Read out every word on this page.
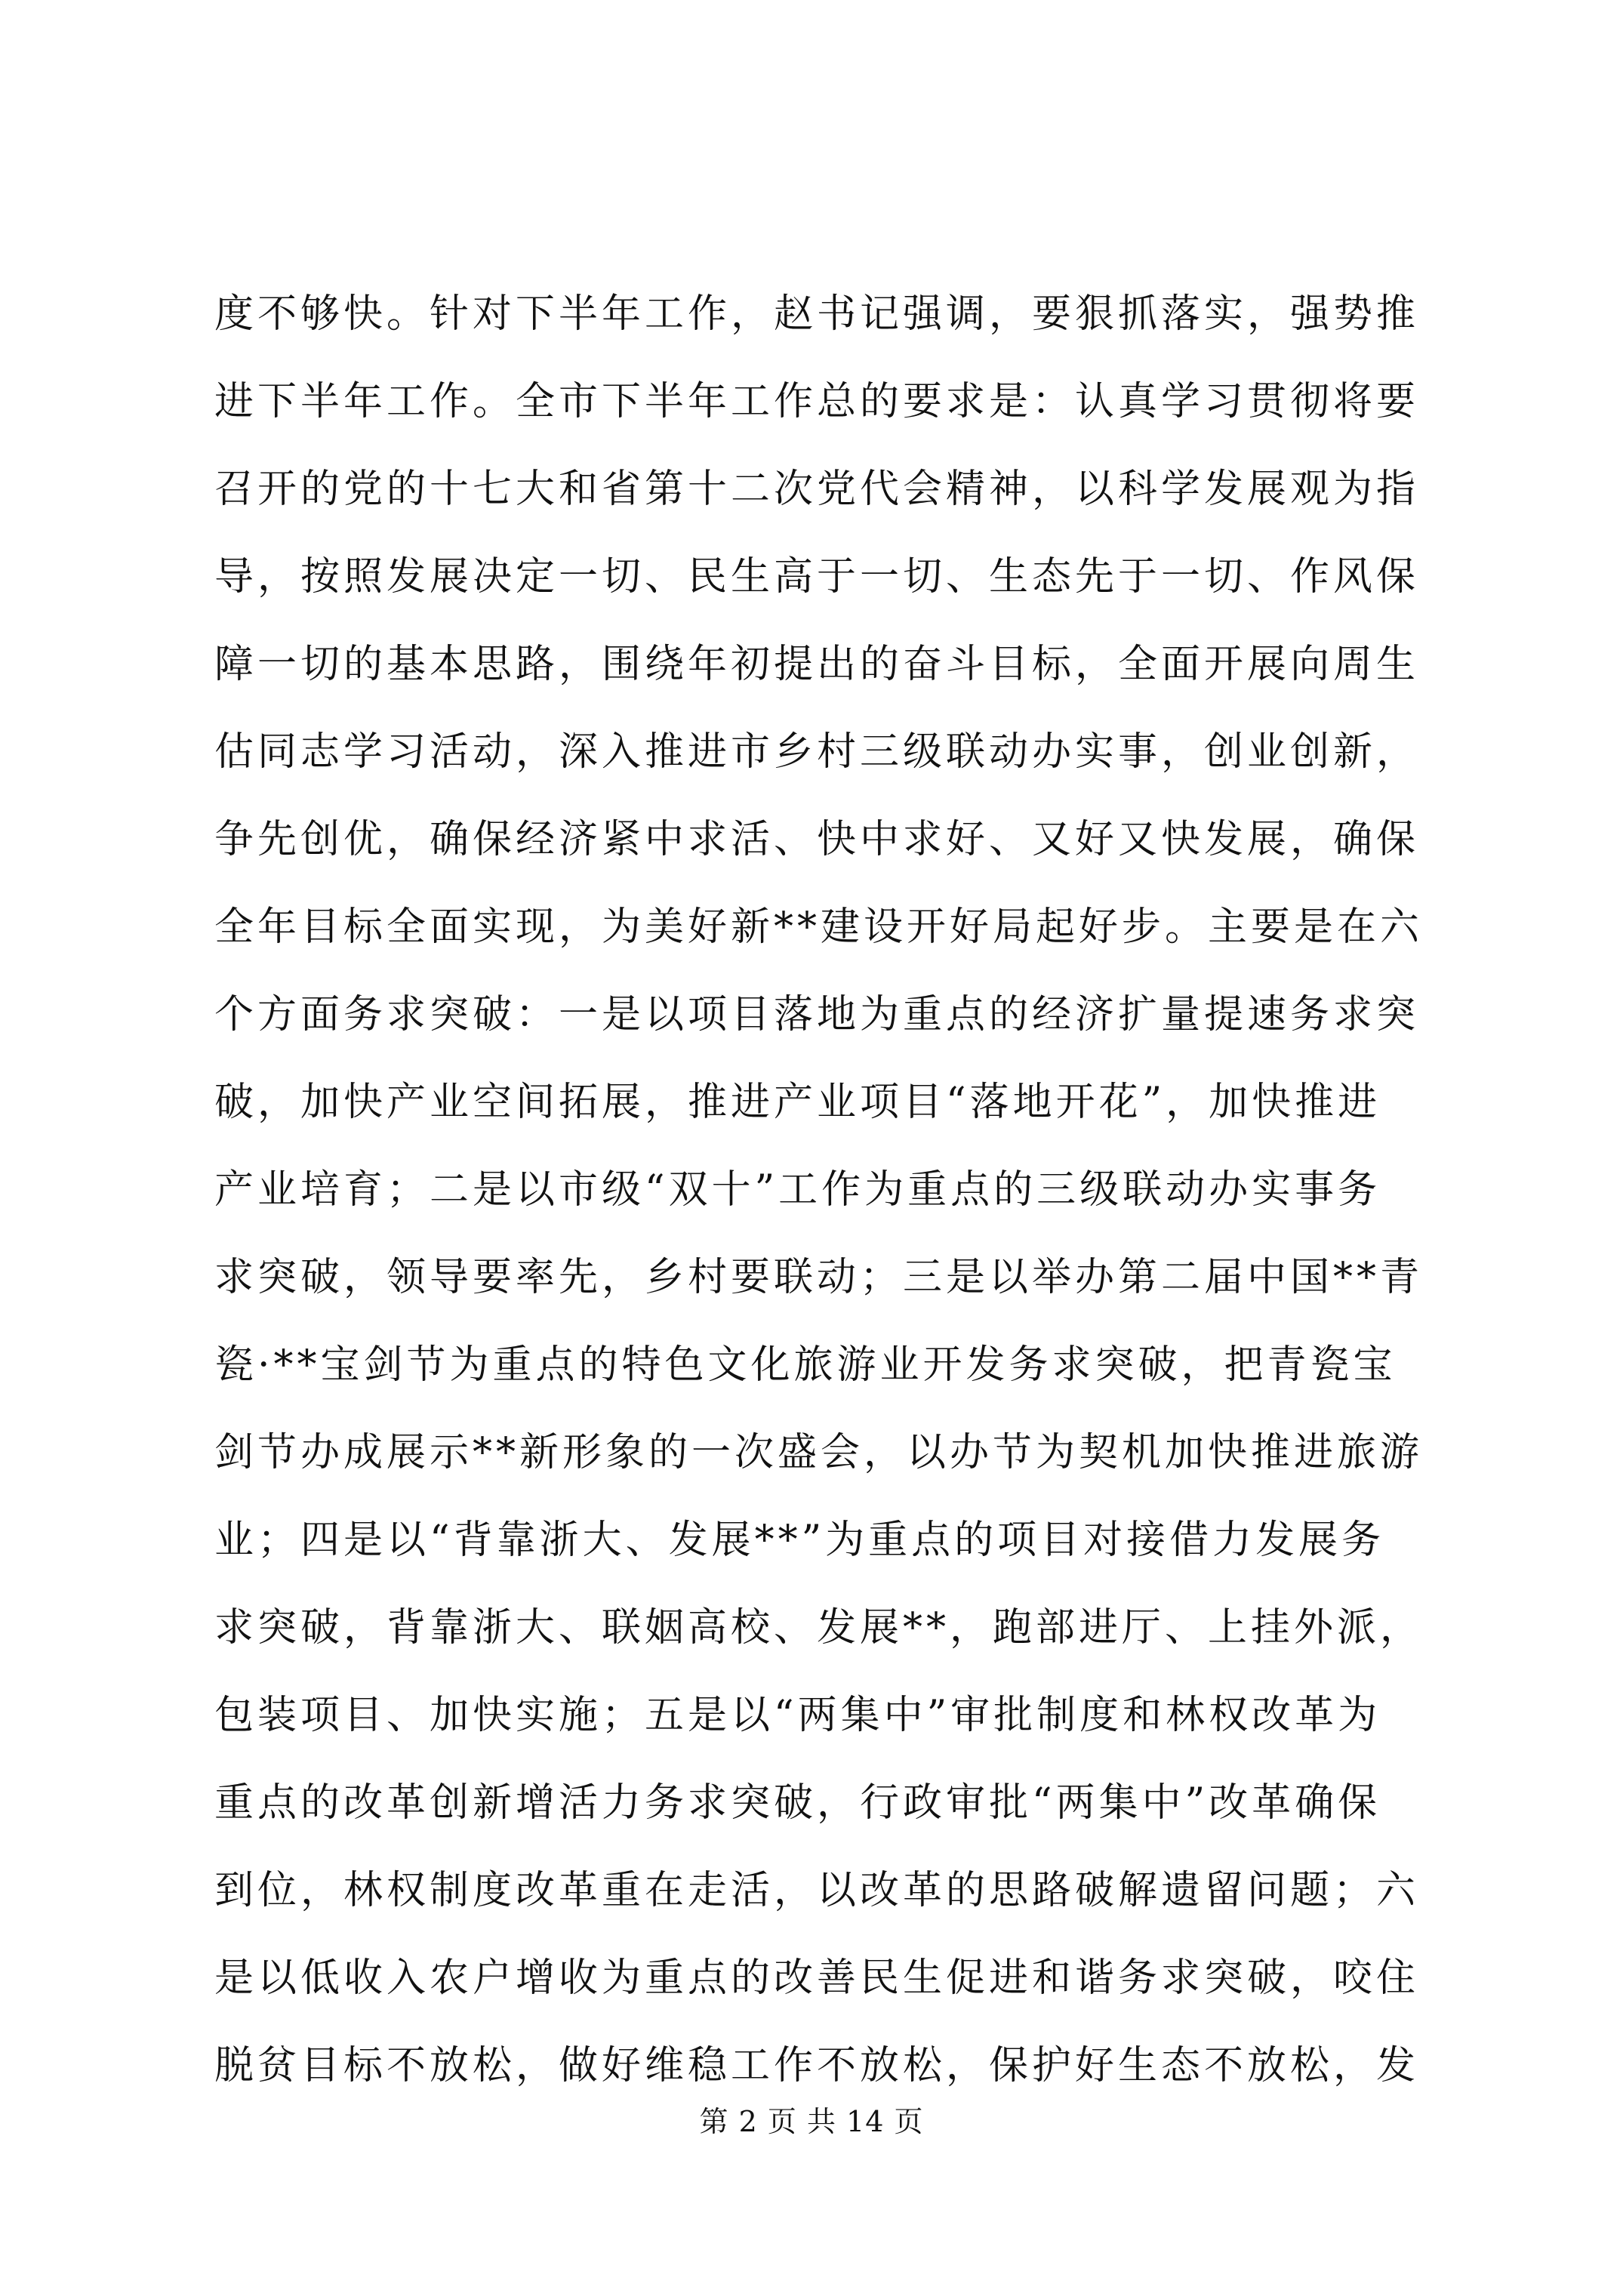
度不够快。针对下半年工作，赵书记强调，要狠抓落实，强势推
进下半年工作。全市下半年工作总的要求是：认真学习贯彻将要
召开的党的十七大和省第十二次党代会精神，以科学发展观为指
导，按照发展决定一切、民生高于一切、生态先于一切、作风保
障一切的基本思路，围绕年初提出的奋斗目标，全面开展向周生
估同志学习活动，深入推进市乡村三级联动办实事，创业创新，
争先创优，确保经济紧中求活、快中求好、又好又快发展，确保
全年目标全面实现，为美好新**建设开好局起好步。主要是在六
个方面务求突破：一是以项目落地为重点的经济扩量提速务求突
破，加快产业空间拓展，推进产业项目“落地开花”，加快推进
产业培育；二是以市级“双十”工作为重点的三级联动办实事务
求突破，领导要率先，乡村要联动；三是以举办第二届中国**青
瓷·**宝剑节为重点的特色文化旅游业开发务求突破，把青瓷宝
剑节办成展示**新形象的一次盛会，以办节为契机加快推进旅游
业；四是以“背靠浙大、发展**”为重点的项目对接借力发展务
求突破，背靠浙大、联姻高校、发展**，跑部进厅、上挂外派，
包装项目、加快实施；五是以“两集中”审批制度和林权改革为
重点的改革创新增活力务求突破，行政审批“两集中”改革确保
到位，林权制度改革重在走活，以改革的思路破解遗留问题；六
是以低收入农户增收为重点的改善民生促进和谐务求突破，咬住
脱贫目标不放松，做好维稳工作不放松，保护好生态不放松，发
第 2 页 共 14 页
